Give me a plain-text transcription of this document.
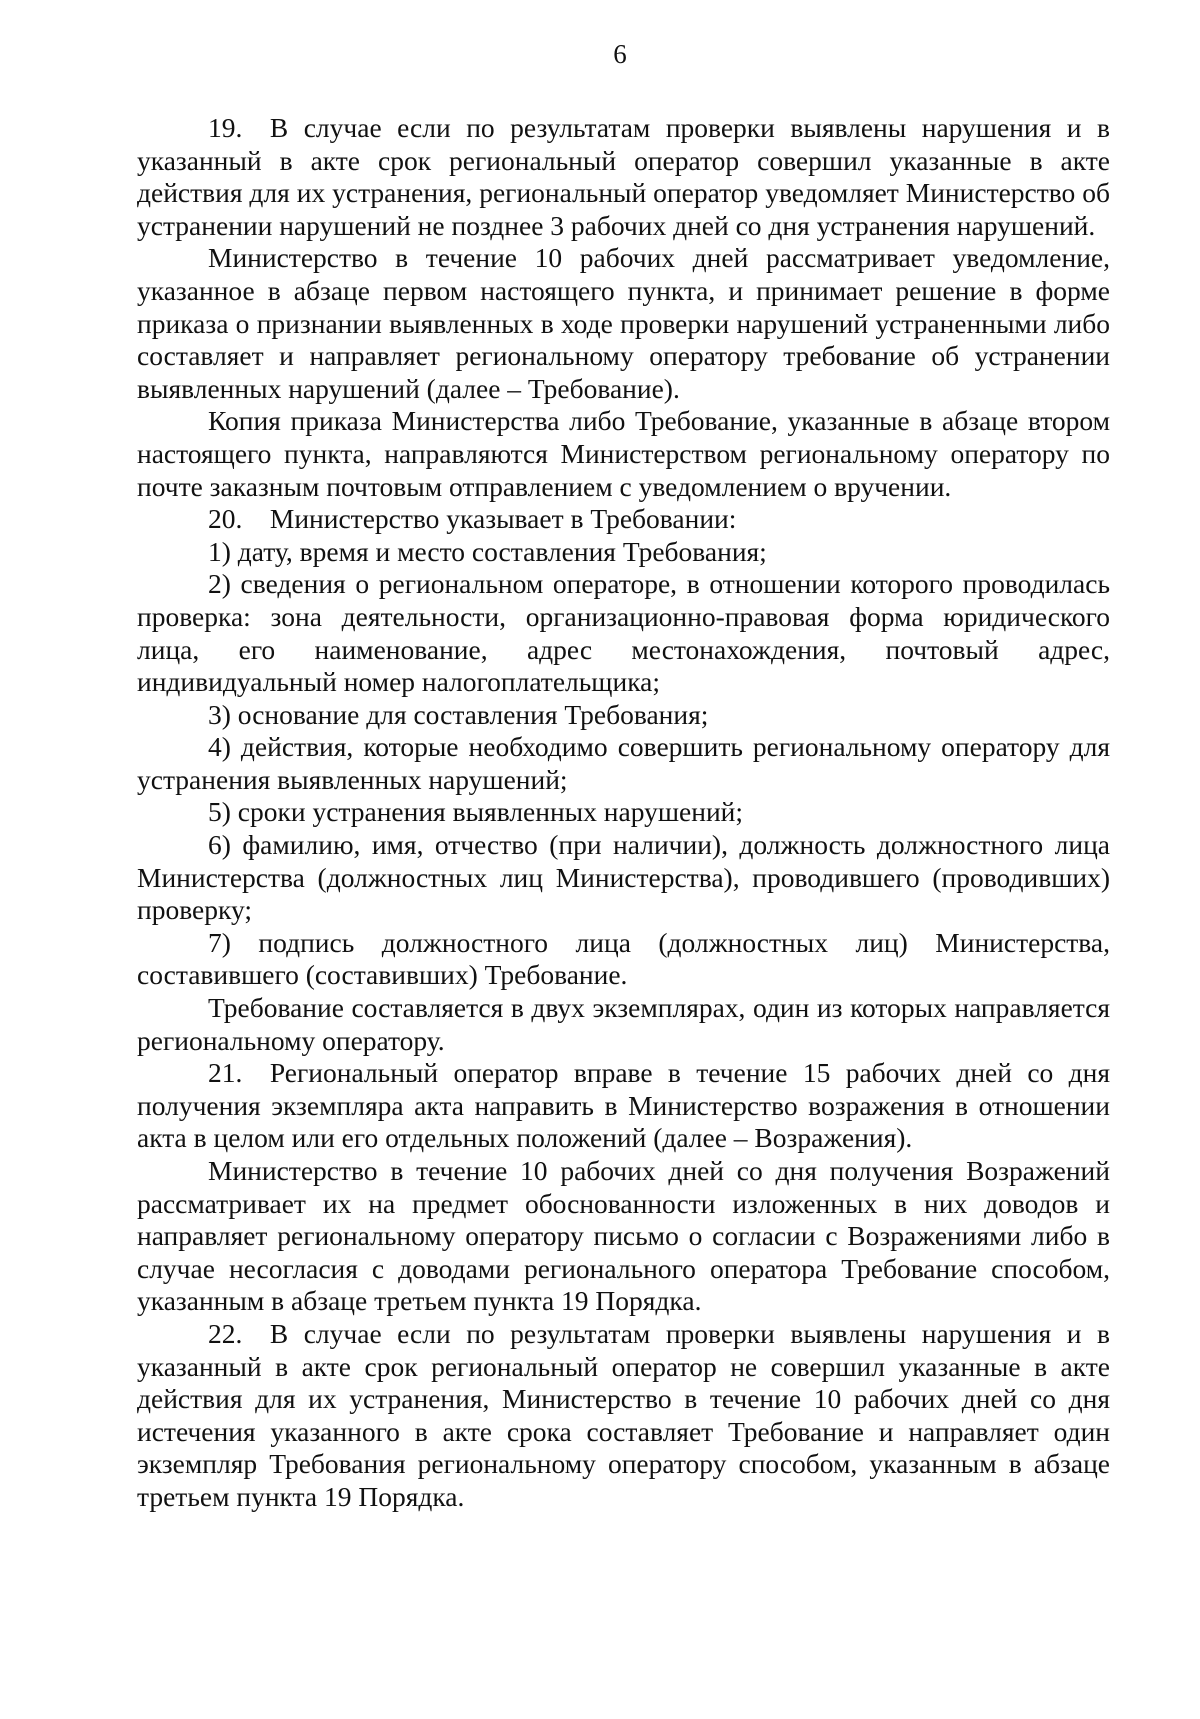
6

19. В случае если по результатам проверки выявлены нарушения и в указанный в акте срок региональный оператор совершил указанные в акте действия для их устранения, региональный оператор уведомляет Министерство об устранении нарушений не позднее 3 рабочих дней со дня устранения нарушений.

Министерство в течение 10 рабочих дней рассматривает уведомление, указанное в абзаце первом настоящего пункта, и принимает решение в форме приказа о признании выявленных в ходе проверки нарушений устраненными либо составляет и направляет региональному оператору требование об устранении выявленных нарушений (далее – Требование).

Копия приказа Министерства либо Требование, указанные в абзаце втором настоящего пункта, направляются Министерством региональному оператору по почте заказным почтовым отправлением с уведомлением о вручении.

20. Министерство указывает в Требовании:

1) дату, время и место составления Требования;

2) сведения о региональном операторе, в отношении которого проводилась проверка: зона деятельности, организационно-правовая форма юридического лица, его наименование, адрес местонахождения, почтовый адрес, индивидуальный номер налогоплательщика;

3) основание для составления Требования;

4) действия, которые необходимо совершить региональному оператору для устранения выявленных нарушений;

5) сроки устранения выявленных нарушений;

6) фамилию, имя, отчество (при наличии), должность должностного лица Министерства (должностных лиц Министерства), проводившего (проводивших) проверку;

7) подпись должностного лица (должностных лиц) Министерства, составившего (составивших) Требование.

Требование составляется в двух экземплярах, один из которых направляется региональному оператору.

21. Региональный оператор вправе в течение 15 рабочих дней со дня получения экземпляра акта направить в Министерство возражения в отношении акта в целом или его отдельных положений (далее – Возражения).

Министерство в течение 10 рабочих дней со дня получения Возражений рассматривает их на предмет обоснованности изложенных в них доводов и направляет региональному оператору письмо о согласии с Возражениями либо в случае несогласия с доводами регионального оператора Требование способом, указанным в абзаце третьем пункта 19 Порядка.

22. В случае если по результатам проверки выявлены нарушения и в указанный в акте срок региональный оператор не совершил указанные в акте действия для их устранения, Министерство в течение 10 рабочих дней со дня истечения указанного в акте срока составляет Требование и направляет один экземпляр Требования региональному оператору способом, указанным в абзаце третьем пункта 19 Порядка.
